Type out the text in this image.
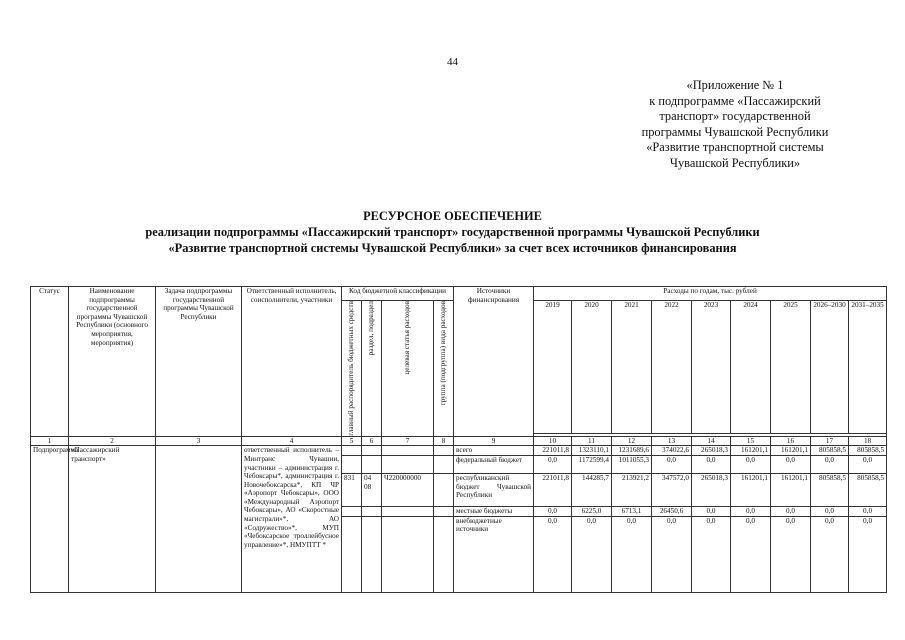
44
«Приложение № 1
к подпрограмме «Пассажирский
транспорт» государственной
программы Чувашской Республики
«Развитие транспортной системы
Чувашской Республики»
РЕСУРСНОЕ ОБЕСПЕЧЕНИЕ
реализации подпрограммы «Пассажирский транспорт» государственной программы Чувашской Республики
«Развитие транспортной системы Чувашской Республики» за счет всех источников финансирования
Статус	Наименование подпрограммы государственной программы Чувашской Республики (основного мероприятия, мероприятия)	Задача подпрограммы государственной программы Чувашской Республики	Ответственный исполнитель, соисполнители, участники	Код бюджетной классификации				Источники финансирования	Расходы по годам, тыс. рублей								

				главный распорядитель бюджетных средств	раздел, подраздел	целевая статья расходов	группа (подгруппа) вида расходов		2019	2020	2021	2022	2023	2024	2025	2026–2030	2031–2035

1	2	3	4	5	6	7	8	9	10	11	12	13	14	15	16	17	18
Подпрограмма	«Пассажирский транспорт»		ответственный исполнитель – Минтранс Чувашии, участники – администрация г. Чебоксары*, администрация г. Новочебоксарска*, КП ЧР «Аэропорт Чебоксары», ООО «Международный Аэропорт Чебоксары», АО «Скоростные магистрали»*, АО «Содружество»*, МУП «Чебоксарское троллейбусное управление»*, НМУПТТ *					всего	221011,8	1323110,1	1231689,6	374022,6	265018,3	161201,1	161201,1	805858,5	805858,5
								федеральный бюджет	0,0	1172599,4	1011055,3	0,0	0,0	0,0	0,0	0,0	0,0
				831	04 08	Ч220000000		республиканский бюджет Чувашской Республики	221011,8	144285,7	213921,2	347572,0	265018,3	161201,1	161201,1	805858,5	805858,5
								местные бюджеты	0,0	6225,0	6713,1	26450,6	0,0	0,0	0,0	0,0	0,0
								внебюджетные источники	0,0	0,0	0,0	0,0	0,0	0,0	0,0	0,0	0,0
